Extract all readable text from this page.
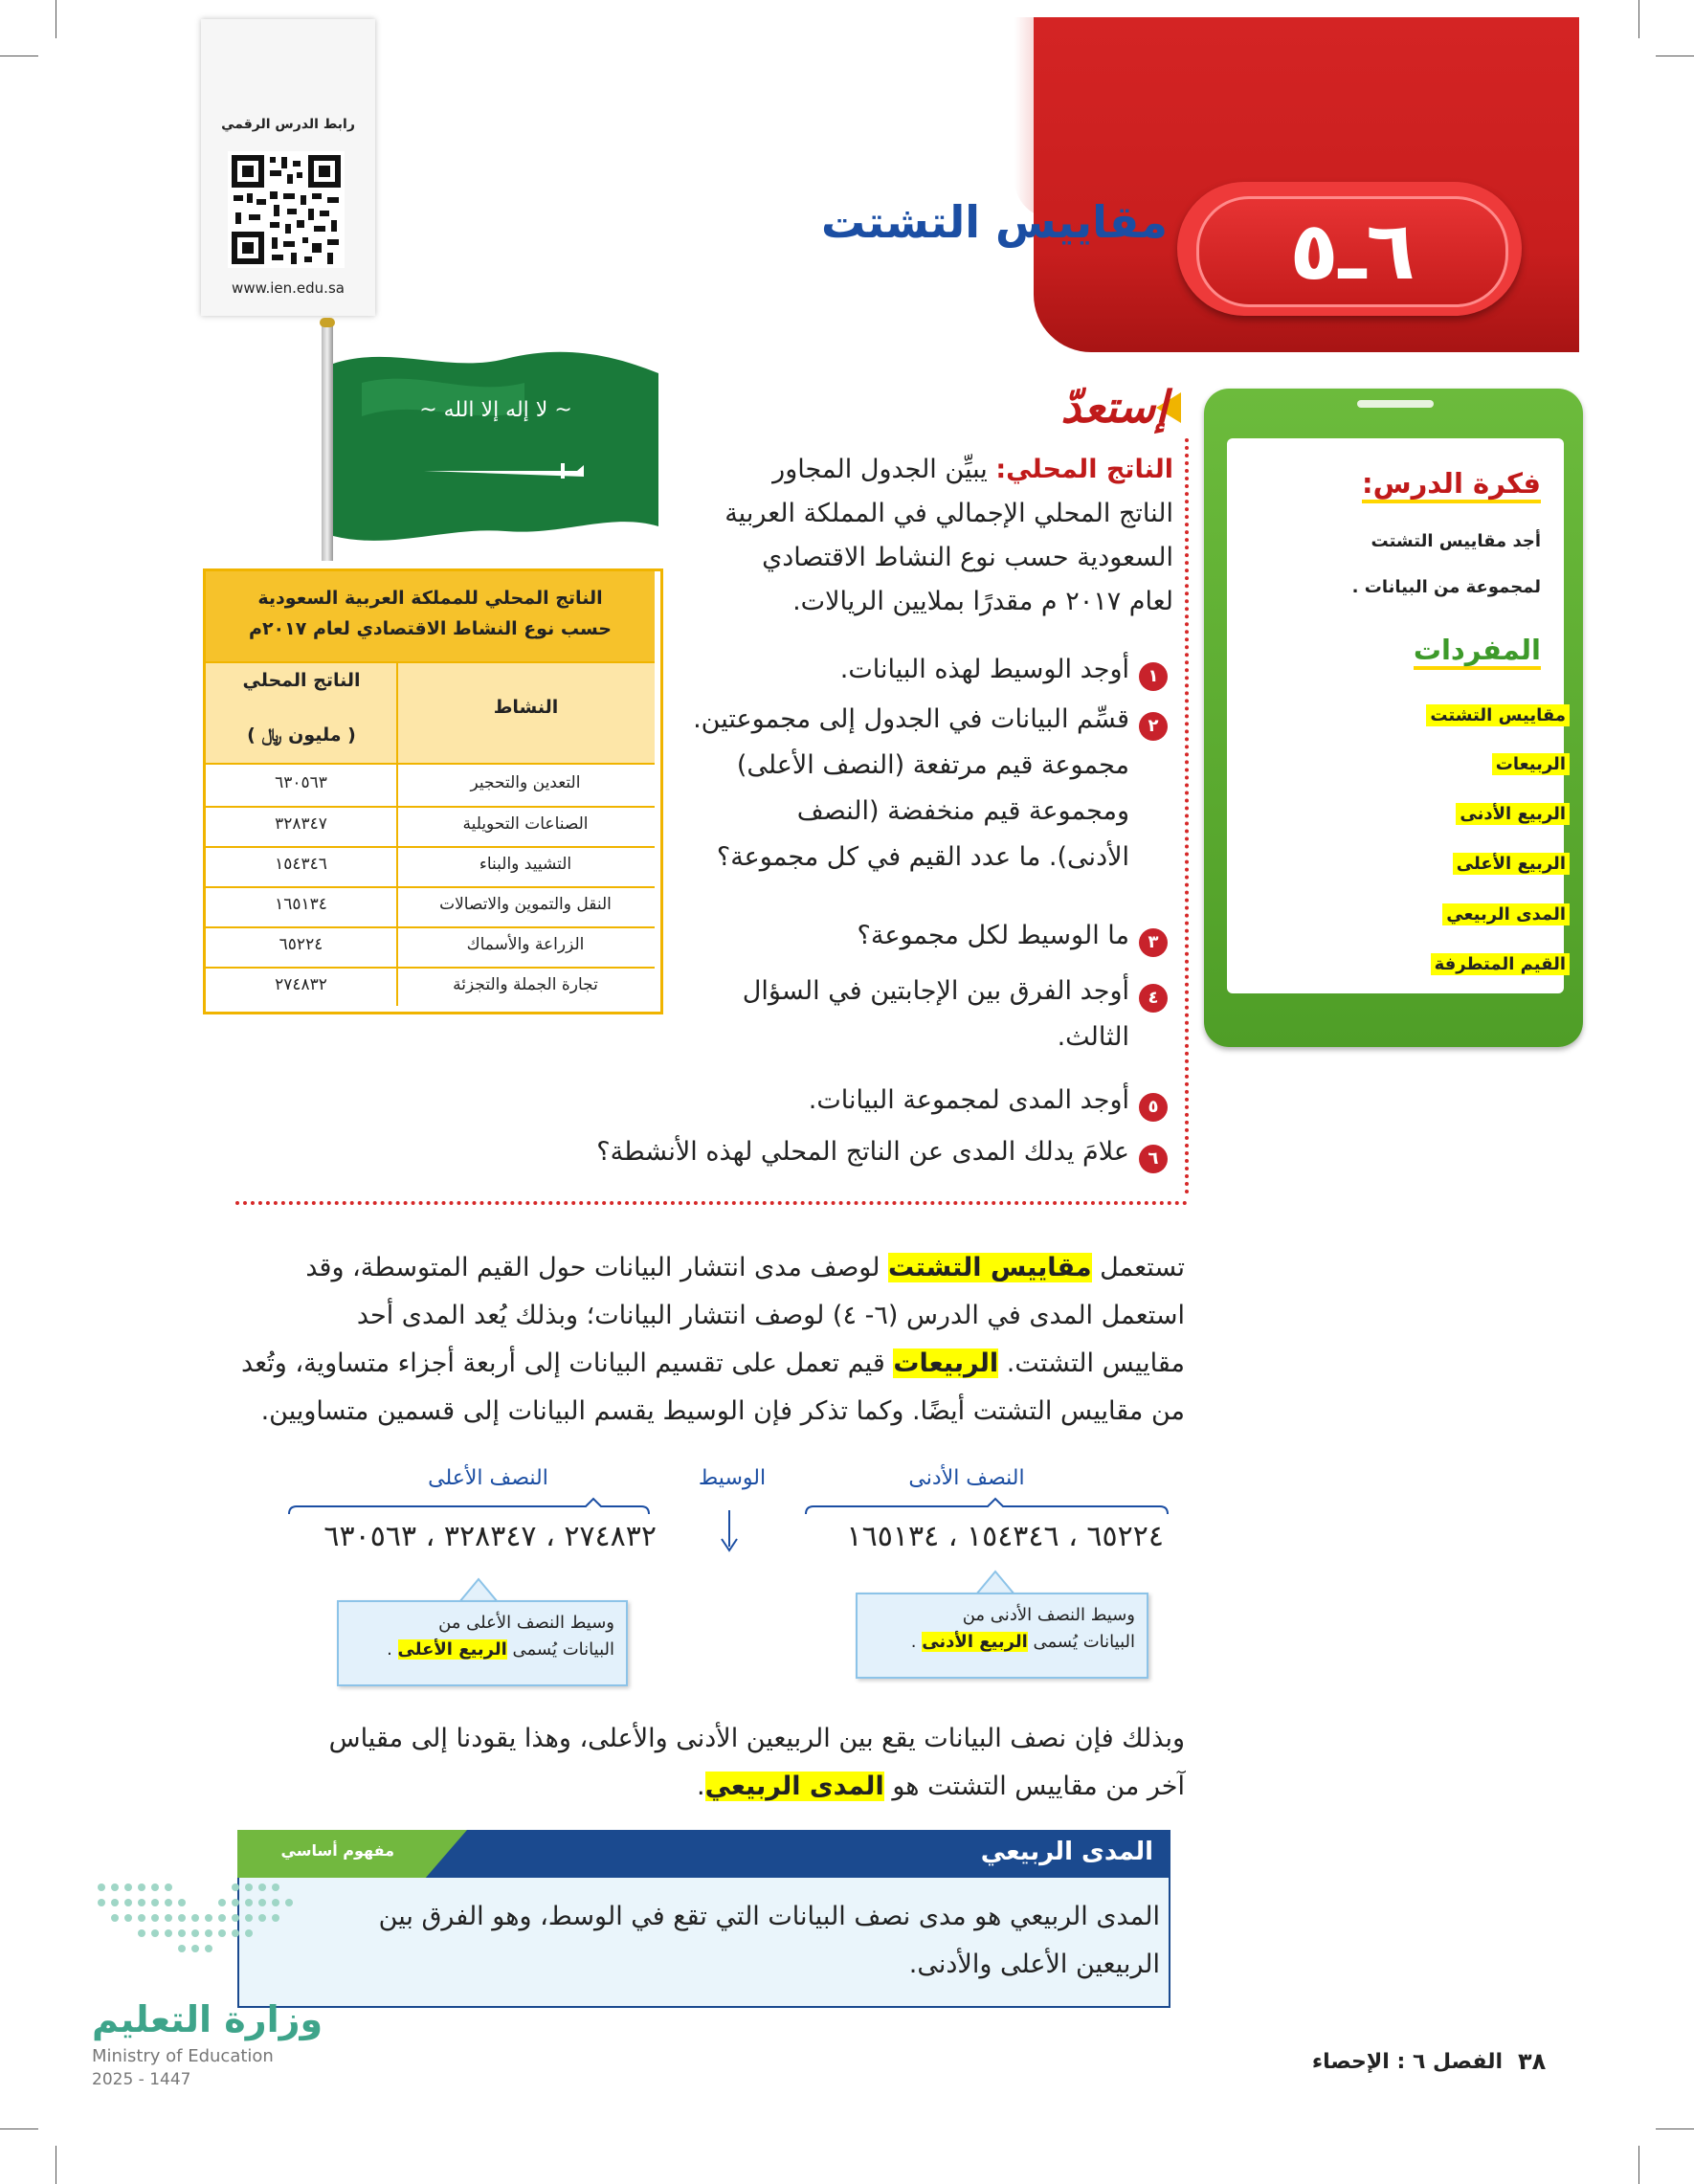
٦ـ٥
مقاييس التشتت
رابط الدرس الرقمي
www.ien.edu.sa
~ ﻻ إله إلا الله ~
الناتج المحلي للمملكة العربية السعودية
حسب نوع النشاط الاقتصادي لعام ٢٠١٧م
النشاط
الناتج المحلي
( مليون ﷼ )
التعدين والتحجير
٦٣٠٥٦٣
الصناعات التحويلية
٣٢٨٣٤٧
التشييد والبناء
١٥٤٣٤٦
النقل والتموين والاتصالات
١٦٥١٣٤
الزراعة والأسماك
٦٥٢٢٤
تجارة الجملة والتجزئة
٢٧٤٨٣٢
فكرة الدرس:
أجد مقاييس التشتت
لمجموعة من البيانات .
المفردات
مقاييس التشتت
الربيعات
الربيع الأدنى
الربيع الأعلى
المدى الربيعي
القيم المتطرفة
إستعدّ
الناتج المحلي: يبيِّن الجدول المجاور
الناتج المحلي الإجمالي في المملكة العربية
السعودية حسب نوع النشاط الاقتصادي
لعام ٢٠١٧ م مقدرًا بملايين الريالات.
١
أوجد الوسيط لهذه البيانات.
٢
قسِّم البيانات في الجدول إلى مجموعتين.
مجموعة قيم مرتفعة (النصف الأعلى)
ومجموعة قيم منخفضة (النصف
الأدنى). ما عدد القيم في كل مجموعة؟
٣
ما الوسيط لكل مجموعة؟
٤
أوجد الفرق بين الإجابتين في السؤال
الثالث.
٥
أوجد المدى لمجموعة البيانات.
٦
علامَ يدلك المدى عن الناتج المحلي لهذه الأنشطة؟
تستعمل مقاييس التشتت لوصف مدى انتشار البيانات حول القيم المتوسطة، وقد
استعمل المدى في الدرس (٦- ٤) لوصف انتشار البيانات؛ وبذلك يُعد المدى أحد
مقاييس التشتت. الربيعات قيم تعمل على تقسيم البيانات إلى أربعة أجزاء متساوية، وتُعد
من مقاييس التشتت أيضًا. وكما تذكر فإن الوسيط يقسم البيانات إلى قسمين متساويين.
النصف الأدنى
الوسيط
النصف الأعلى
٦٥٢٢٤ ، ١٥٤٣٤٦ ، ١٦٥١٣٤
٢٧٤٨٣٢ ، ٣٢٨٣٤٧ ، ٦٣٠٥٦٣
وسيط النصف الأدنى من
البيانات يُسمى الربيع الأدنى .
وسيط النصف الأعلى من
البيانات يُسمى الربيع الأعلى .
وبذلك فإن نصف البيانات يقع بين الربيعين الأدنى والأعلى، وهذا يقودنا إلى مقياس
آخر من مقاييس التشتت هو المدى الربيعي.
مفهوم أساسي	المدى الربيعي
المدى الربيعي هو مدى نصف البيانات التي تقع في الوسط، وهو الفرق بين
الربيعين الأعلى والأدنى.
وزارة التعليم
Ministry of Education
2025 - 1447
الفصل ٦ : الإحصاء ٣٨
